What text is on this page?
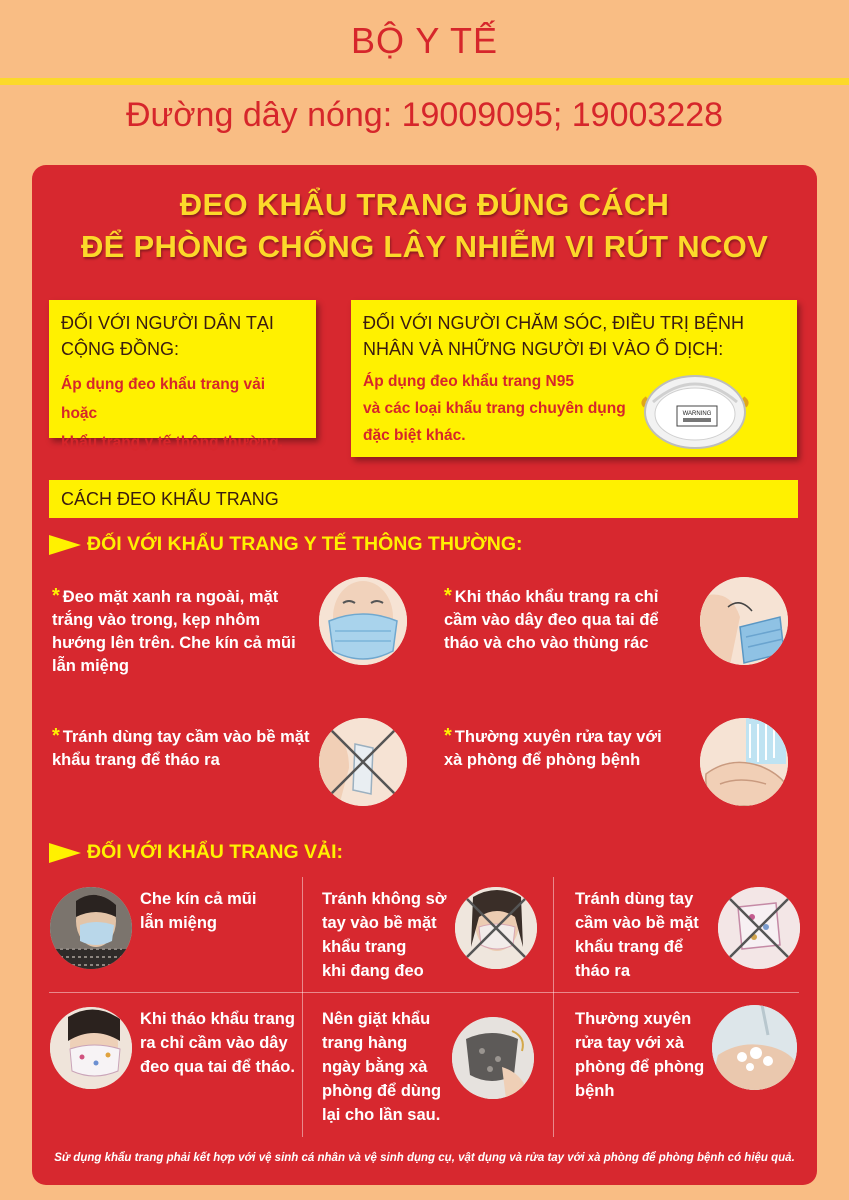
BỘ Y TẾ
Đường dây nóng: 19009095; 19003228
ĐEO KHẨU TRANG ĐÚNG CÁCH
ĐỂ PHÒNG CHỐNG LÂY NHIỄM VI RÚT NCOV
ĐỐI VỚI NGƯỜI DÂN TẠI
CỘNG ĐỒNG:
Áp dụng đeo khẩu trang vải hoặc
khẩu trang y tế thông thường.
ĐỐI VỚI NGƯỜI CHĂM SÓC, ĐIỀU TRỊ BỆNH
NHÂN VÀ NHỮNG NGƯỜI ĐI VÀO Ổ DỊCH:
Áp dụng đeo khẩu trang N95
và các loại khẩu trang chuyên dụng
đặc biệt khác.
WARNING
CÁCH ĐEO KHẨU TRANG
ĐỐI VỚI KHẨU TRANG Y TẾ THÔNG THƯỜNG:
* Đeo mặt xanh ra ngoài, mặt
trắng vào trong, kẹp nhôm
hướng lên trên. Che kín cả mũi
lẫn miệng
* Khi tháo khẩu trang ra chỉ
cầm vào dây đeo qua tai để
tháo và cho vào thùng rác
* Tránh dùng tay cầm vào bề mặt
khẩu trang để tháo ra
* Thường xuyên rửa tay với
xà phòng để phòng bệnh
ĐỐI VỚI KHẨU TRANG VẢI:
Che kín cả mũi
lẫn miệng
Tránh không sờ
tay vào bề mặt
khẩu trang
khi đang đeo
Tránh dùng tay
cầm vào bề mặt
khẩu trang để
tháo ra
Khi tháo khẩu trang
ra chỉ cầm vào dây
đeo qua tai để tháo.
Nên giặt khẩu
trang hàng
ngày bằng xà
phòng để dùng
lại cho lần sau.
Thường xuyên
rửa tay với xà
phòng để phòng
bệnh
Sử dụng khẩu trang phải kết hợp với vệ sinh cá nhân và vệ sinh dụng cụ, vật dụng và rửa tay với xà phòng để phòng bệnh có hiệu quả.
